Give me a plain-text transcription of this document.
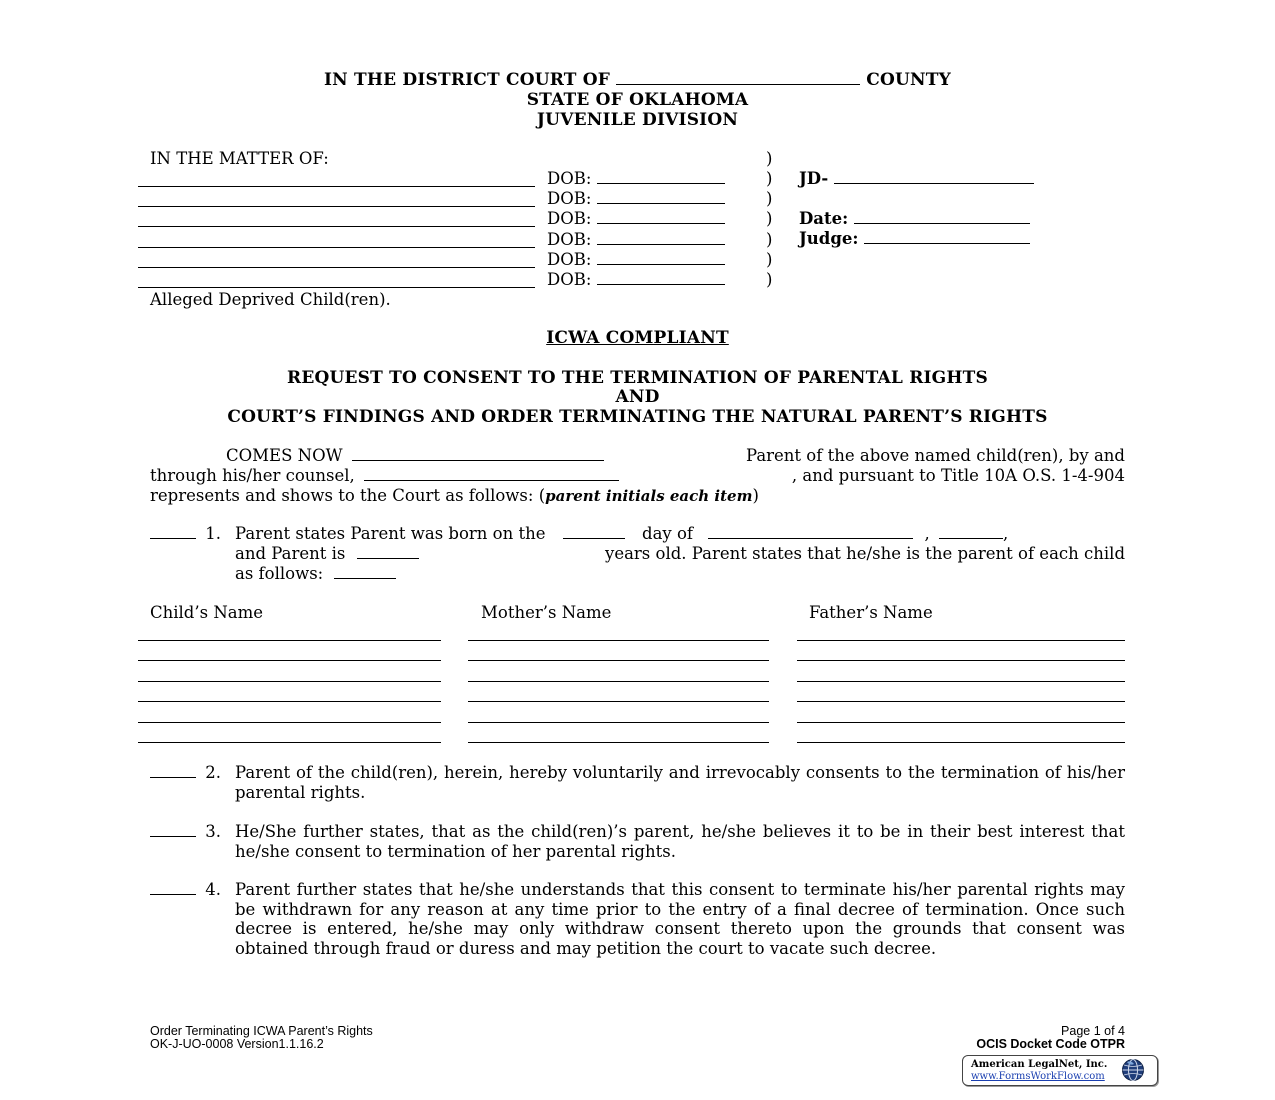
IN THE DISTRICT COURT OF	COUNTY
STATE OF OKLAHOMA
JUVENILE DIVISION
IN THE MATTER OF:
DOB:	)
DOB:	)
DOB:	)
DOB:	)
DOB:	)
DOB:	)
)
JD-
Date:
Judge:
Alleged Deprived Child(ren).
ICWA COMPLIANT
REQUEST TO CONSENT TO THE TERMINATION OF PARENTAL RIGHTS
AND
COURT’S FINDINGS AND ORDER TERMINATING THE NATURAL PARENT’S RIGHTS
COMES NOW	Parent of the above named child(ren), by and
through his/her counsel,	, and pursuant to Title 10A O.S. 1-4-904
represents and shows to the Court as follows: (parent initials each item)
1. Parent states Parent was born on the	day of	,	,
and Parent is	years old. Parent states that he/she is the parent of each child
as follows:
Child’s Name	Mother’s Name	Father’s Name
2. Parent of the child(ren), herein, hereby voluntarily and irrevocably consents to the termination of his/her parental rights.
3. He/She further states, that as the child(ren)’s parent, he/she believes it to be in their best interest that he/she consent to termination of her parental rights.
4. Parent further states that he/she understands that this consent to terminate his/her parental rights may be withdrawn for any reason at any time prior to the entry of a final decree of termination. Once such decree is entered, he/she may only withdraw consent thereto upon the grounds that consent was obtained through fraud or duress and may petition the court to vacate such decree.
Order Terminating ICWA Parent’s Rights
OK-J-UO-0008 Version1.1.16.2
Page 1 of 4
OCIS Docket Code OTPR
American LegalNet, Inc.
www.FormsWorkFlow.com
